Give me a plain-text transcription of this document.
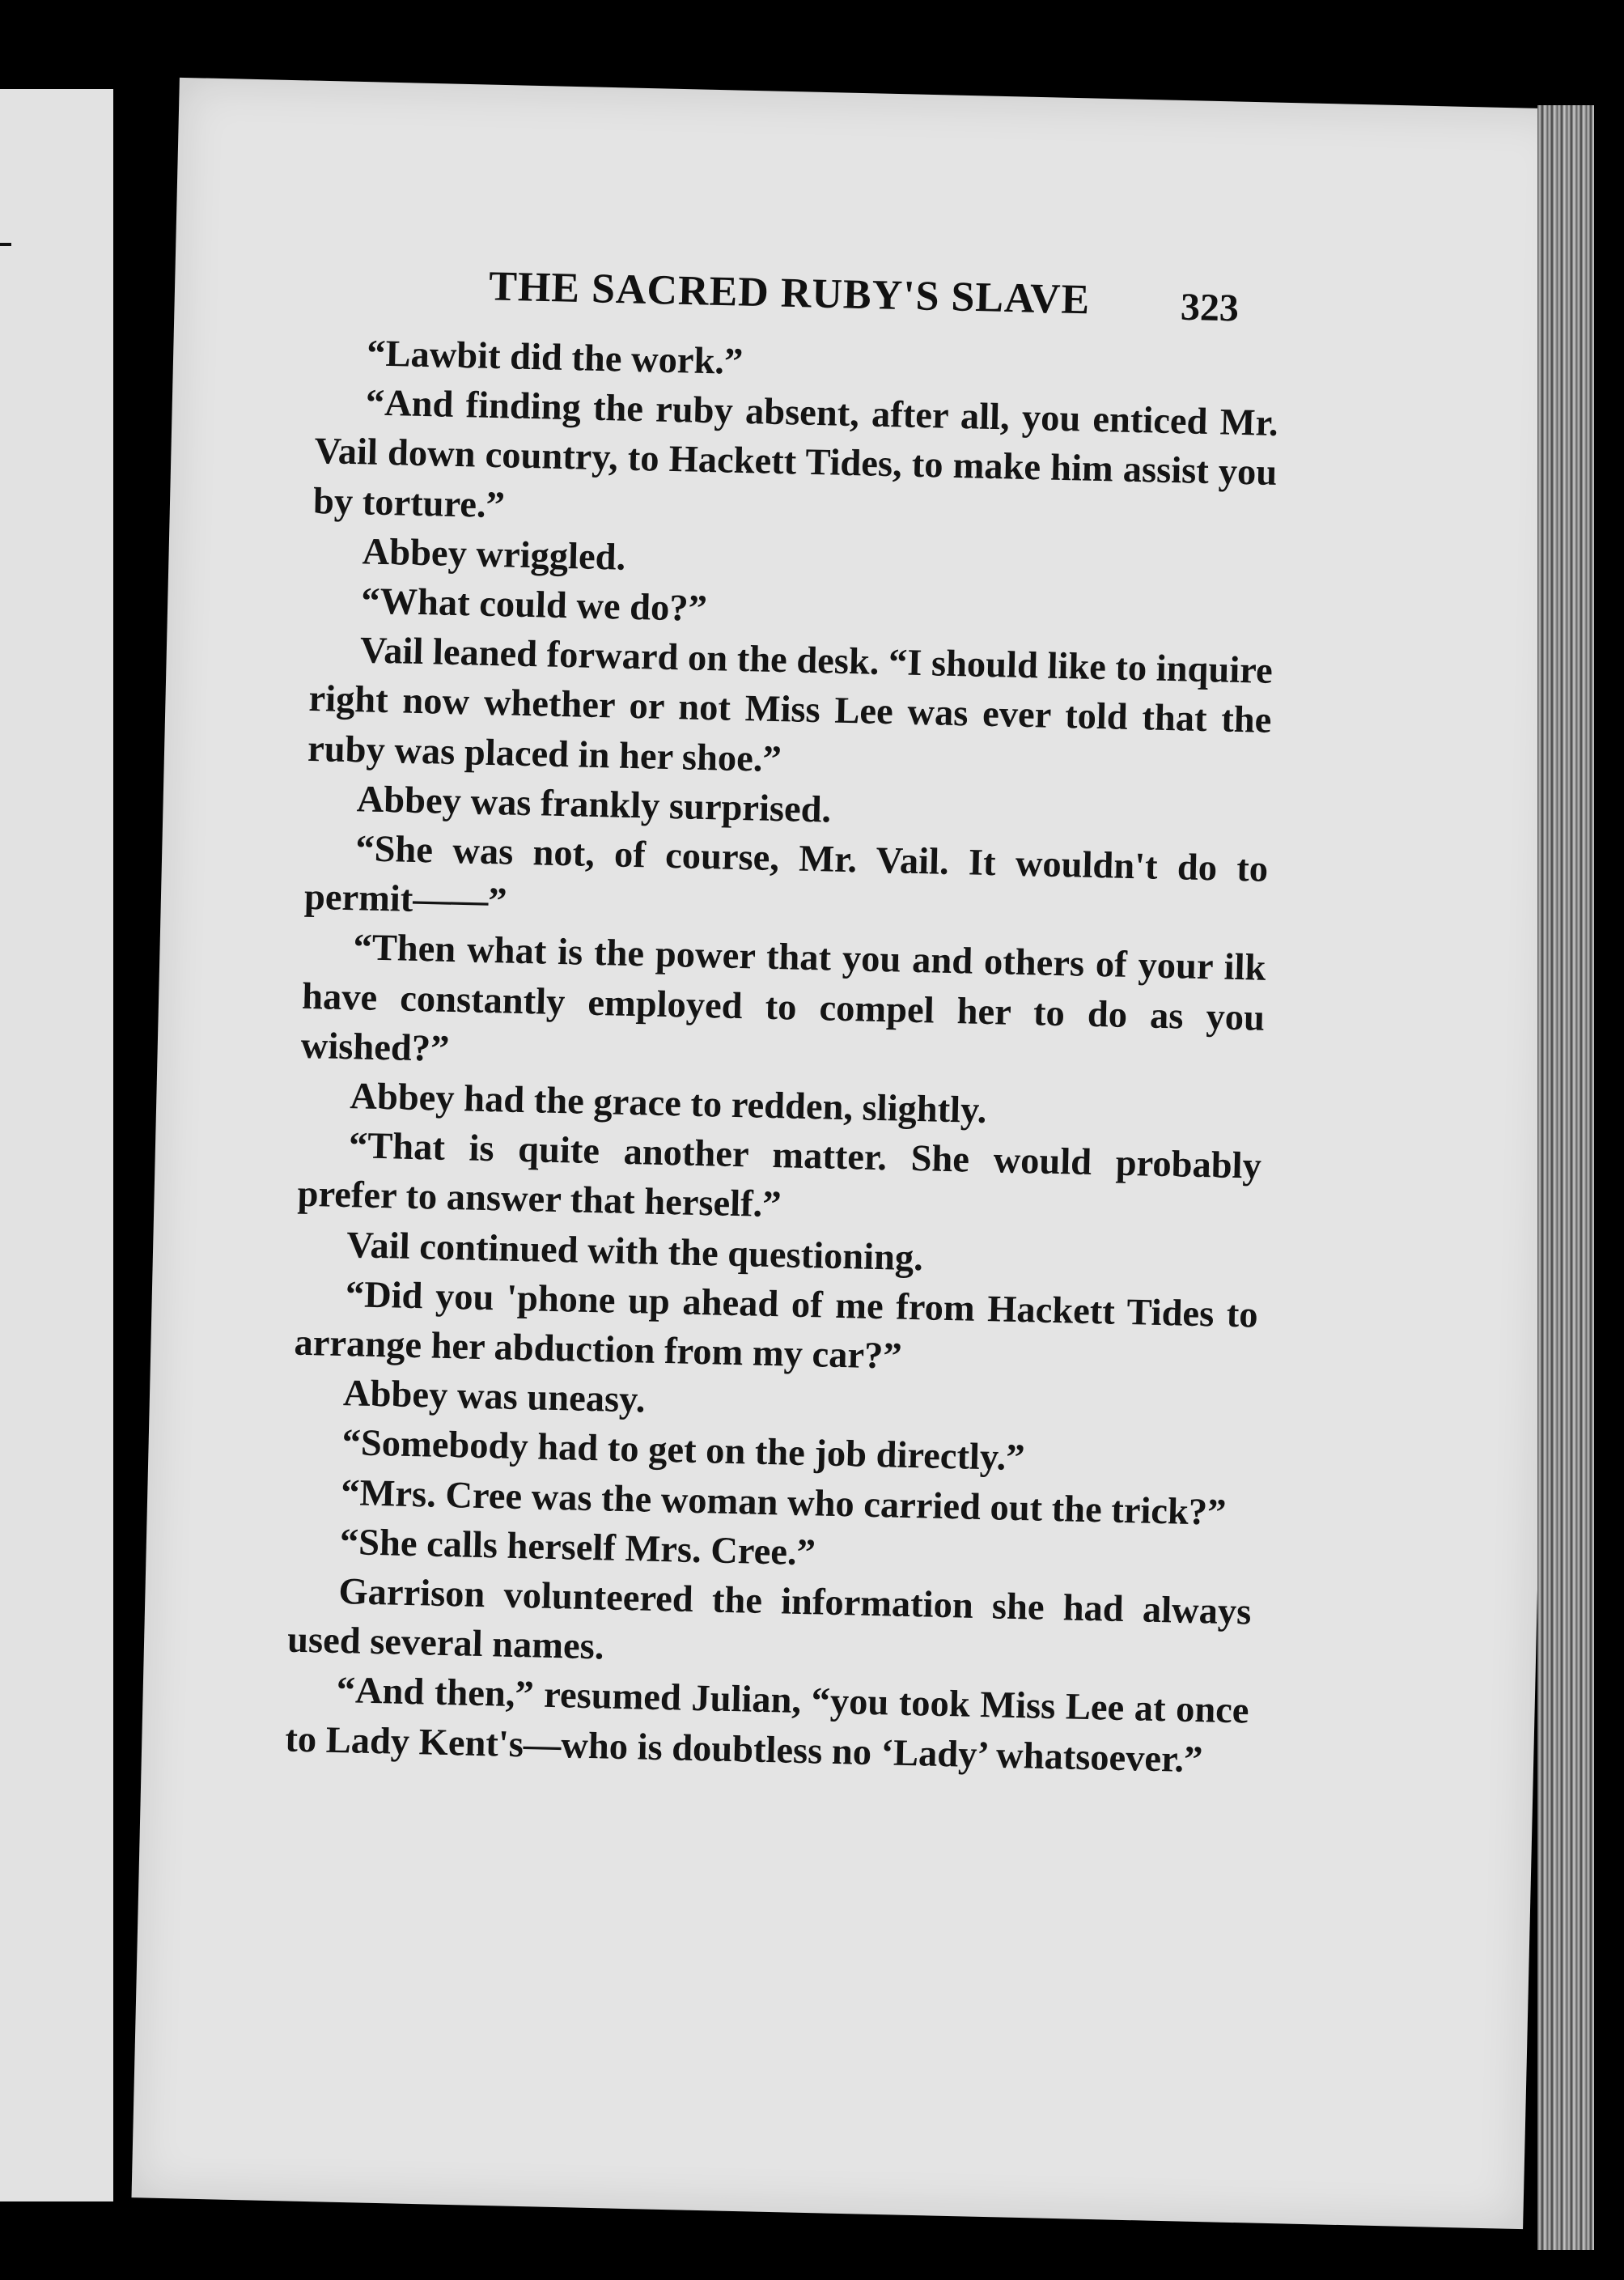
THE SACRED RUBY'S SLAVE 323

“Lawbit did the work.”

“And finding the ruby absent, after all, you enticed Mr. Vail down country, to Hackett Tides, to make him assist you by torture.”

Abbey wriggled.

“What could we do?”

Vail leaned forward on the desk. “I should like to inquire right now whether or not Miss Lee was ever told that the ruby was placed in her shoe.”

Abbey was frankly surprised.

“She was not, of course, Mr. Vail. It wouldn't do to permit——”

“Then what is the power that you and others of your ilk have constantly employed to compel her to do as you wished?”

Abbey had the grace to redden, slightly.

“That is quite another matter. She would probably prefer to answer that herself.”

Vail continued with the questioning.

“Did you 'phone up ahead of me from Hackett Tides to arrange her abduction from my car?”

Abbey was uneasy.

“Somebody had to get on the job directly.”

“Mrs. Cree was the woman who carried out the trick?”

“She calls herself Mrs. Cree.”

Garrison volunteered the information she had always used several names.

“And then,” resumed Julian, “you took Miss Lee at once to Lady Kent's—who is doubtless no ‘Lady’ whatsoever.”
